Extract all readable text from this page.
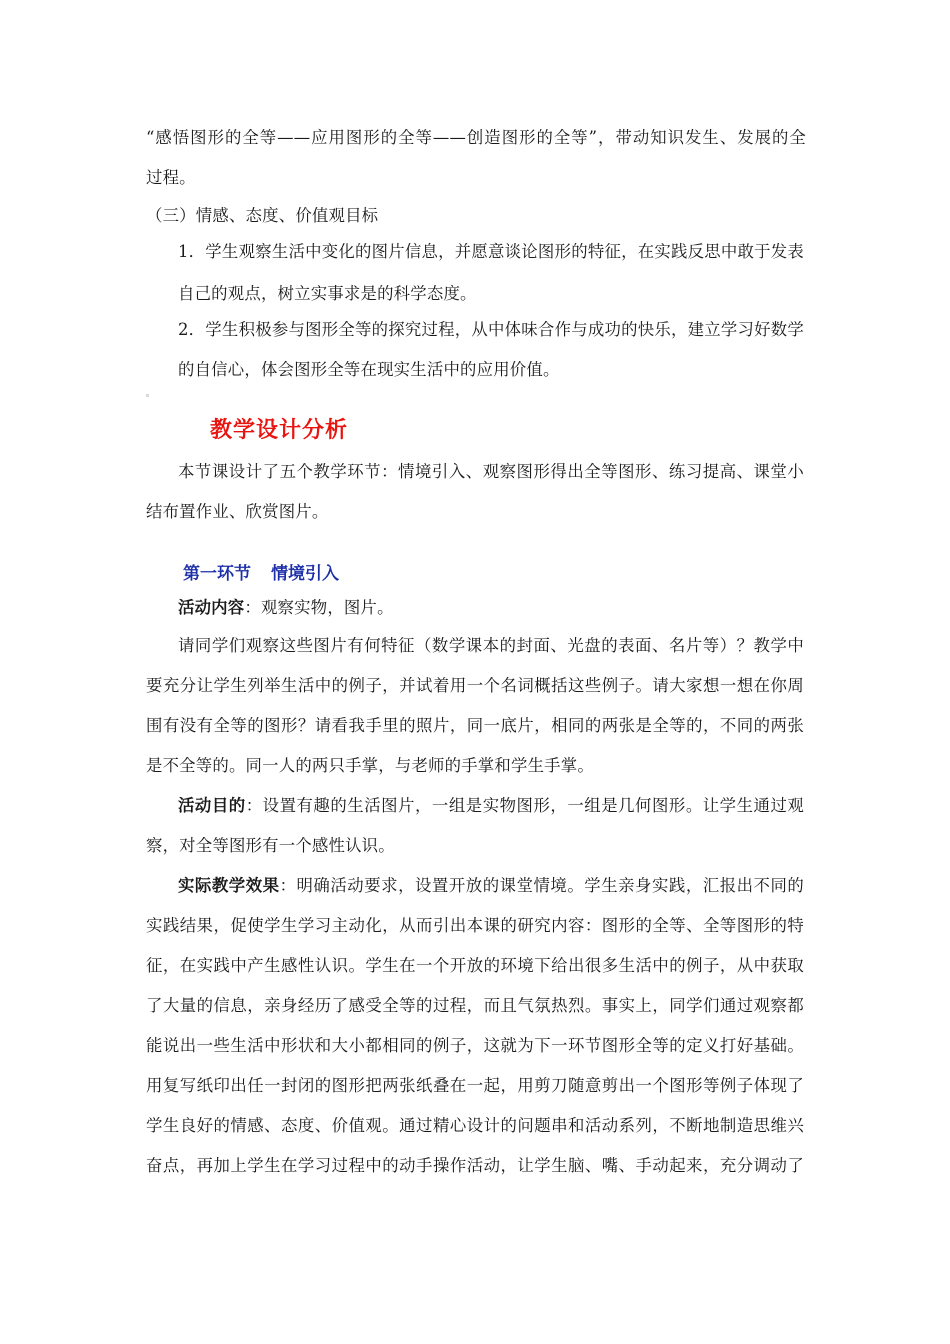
“感悟图形的全等——应用图形的全等——创造图形的全等”，带动知识发生、发展的全
过程。
（三）情感、态度、价值观目标
1．学生观察生活中变化的图片信息，并愿意谈论图形的特征，在实践反思中敢于发表
自己的观点，树立实事求是的科学态度。
2．学生积极参与图形全等的探究过程，从中体味合作与成功的快乐，建立学习好数学
的自信心，体会图形全等在现实生活中的应用价值。
教学设计分析
本节课设计了五个教学环节：情境引入、观察图形得出全等图形、练习提高、课堂小
结布置作业、欣赏图片。
第一环节 情境引入
活动内容：观察实物，图片。
请同学们观察这些图片有何特征（数学课本的封面、光盘的表面、名片等）？教学中
要充分让学生列举生活中的例子，并试着用一个名词概括这些例子。请大家想一想在你周
围有没有全等的图形？请看我手里的照片，同一底片，相同的两张是全等的，不同的两张
是不全等的。同一人的两只手掌，与老师的手掌和学生手掌。
活动目的：设置有趣的生活图片，一组是实物图形，一组是几何图形。让学生通过观
察，对全等图形有一个感性认识。
实际教学效果：明确活动要求，设置开放的课堂情境。学生亲身实践，汇报出不同的
实践结果，促使学生学习主动化，从而引出本课的研究内容：图形的全等、全等图形的特
征，在实践中产生感性认识。学生在一个开放的环境下给出很多生活中的例子，从中获取
了大量的信息，亲身经历了感受全等的过程，而且气氛热烈。事实上，同学们通过观察都
能说出一些生活中形状和大小都相同的例子，这就为下一环节图形全等的定义打好基础。
用复写纸印出任一封闭的图形把两张纸叠在一起，用剪刀随意剪出一个图形等例子体现了
学生良好的情感、态度、价值观。通过精心设计的问题串和活动系列，不断地制造思维兴
奋点，再加上学生在学习过程中的动手操作活动，让学生脑、嘴、手动起来，充分调动了
